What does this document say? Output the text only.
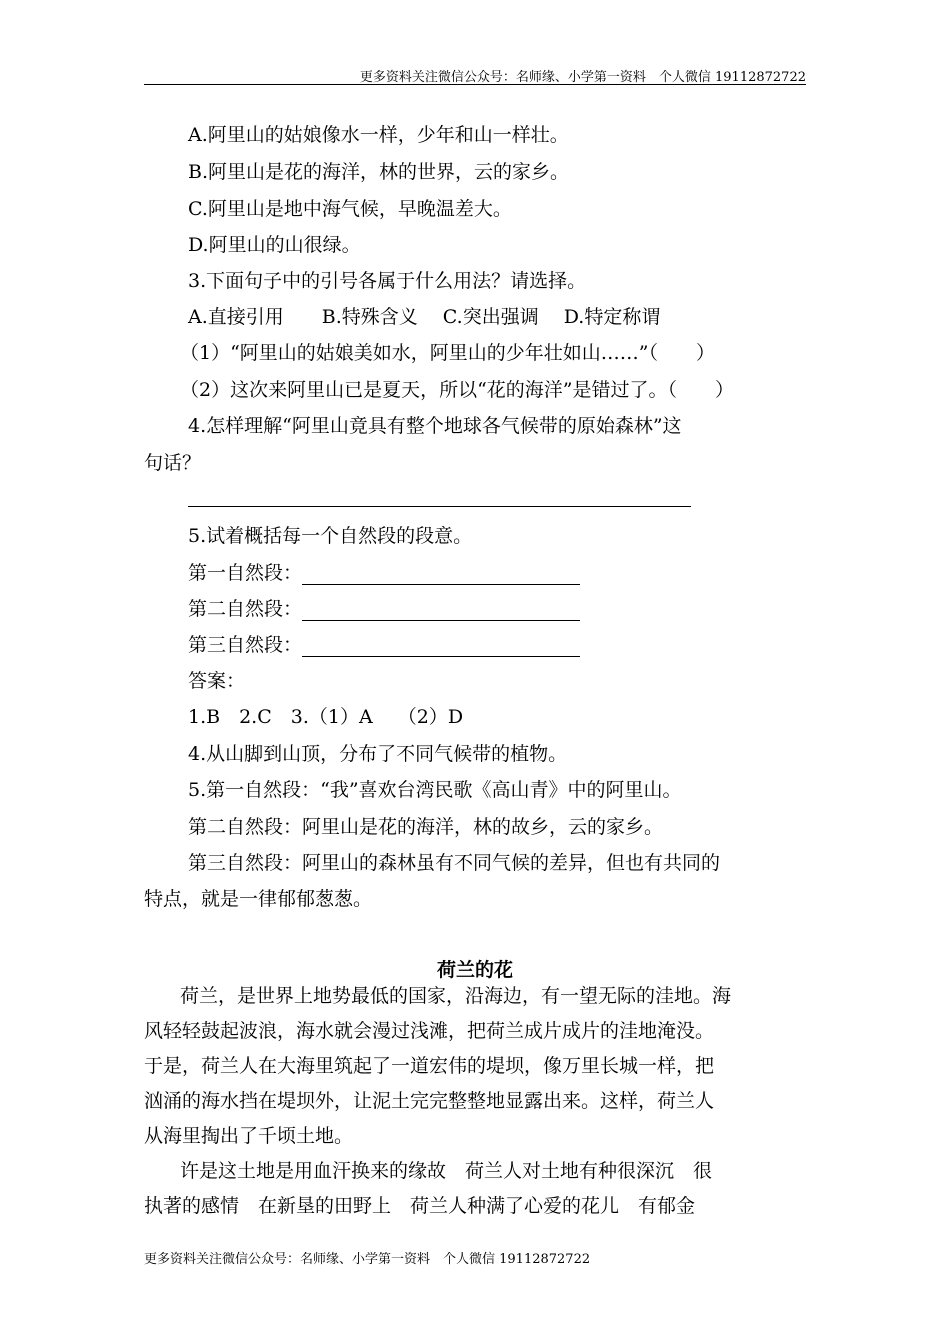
更多资料关注微信公众号：名师缘、小学第一资料　个人微信 19112872722
A.阿里山的姑娘像水一样，少年和山一样壮。
B.阿里山是花的海洋，林的世界，云的家乡。
C.阿里山是地中海气候，早晚温差大。
D.阿里山的山很绿。
3.下面句子中的引号各属于什么用法？请选择。
A.直接引用　　B.特殊含义　 C.突出强调　 D.特定称谓
（1）“阿里山的姑娘美如水，阿里山的少年壮如山……”（　　）
（2）这次来阿里山已是夏天，所以“花的海洋”是错过了。（　　）
4.怎样理解“阿里山竟具有整个地球各气候带的原始森林”这
句话？
5.试着概括每一个自然段的段意。
第一自然段：
第二自然段：
第三自然段：
答案：
1.B　2.C　3.（1）A　 （2）D
4.从山脚到山顶，分布了不同气候带的植物。
5.第一自然段：“我”喜欢台湾民歌《高山青》中的阿里山。
第二自然段：阿里山是花的海洋，林的故乡，云的家乡。
第三自然段：阿里山的森林虽有不同气候的差异，但也有共同的
特点，就是一律郁郁葱葱。
荷兰的花
荷兰，是世界上地势最低的国家，沿海边，有一望无际的洼地。海
风轻轻鼓起波浪，海水就会漫过浅滩，把荷兰成片成片的洼地淹没。
于是，荷兰人在大海里筑起了一道宏伟的堤坝，像万里长城一样，把
汹涌的海水挡在堤坝外，让泥土完完整整地显露出来。这样，荷兰人
从海里掏出了千顷土地。
许是这土地是用血汗换来的缘故　荷兰人对土地有种很深沉　很
执著的感情　在新垦的田野上　荷兰人种满了心爱的花儿　有郁金
更多资料关注微信公众号：名师缘、小学第一资料　个人微信 19112872722
